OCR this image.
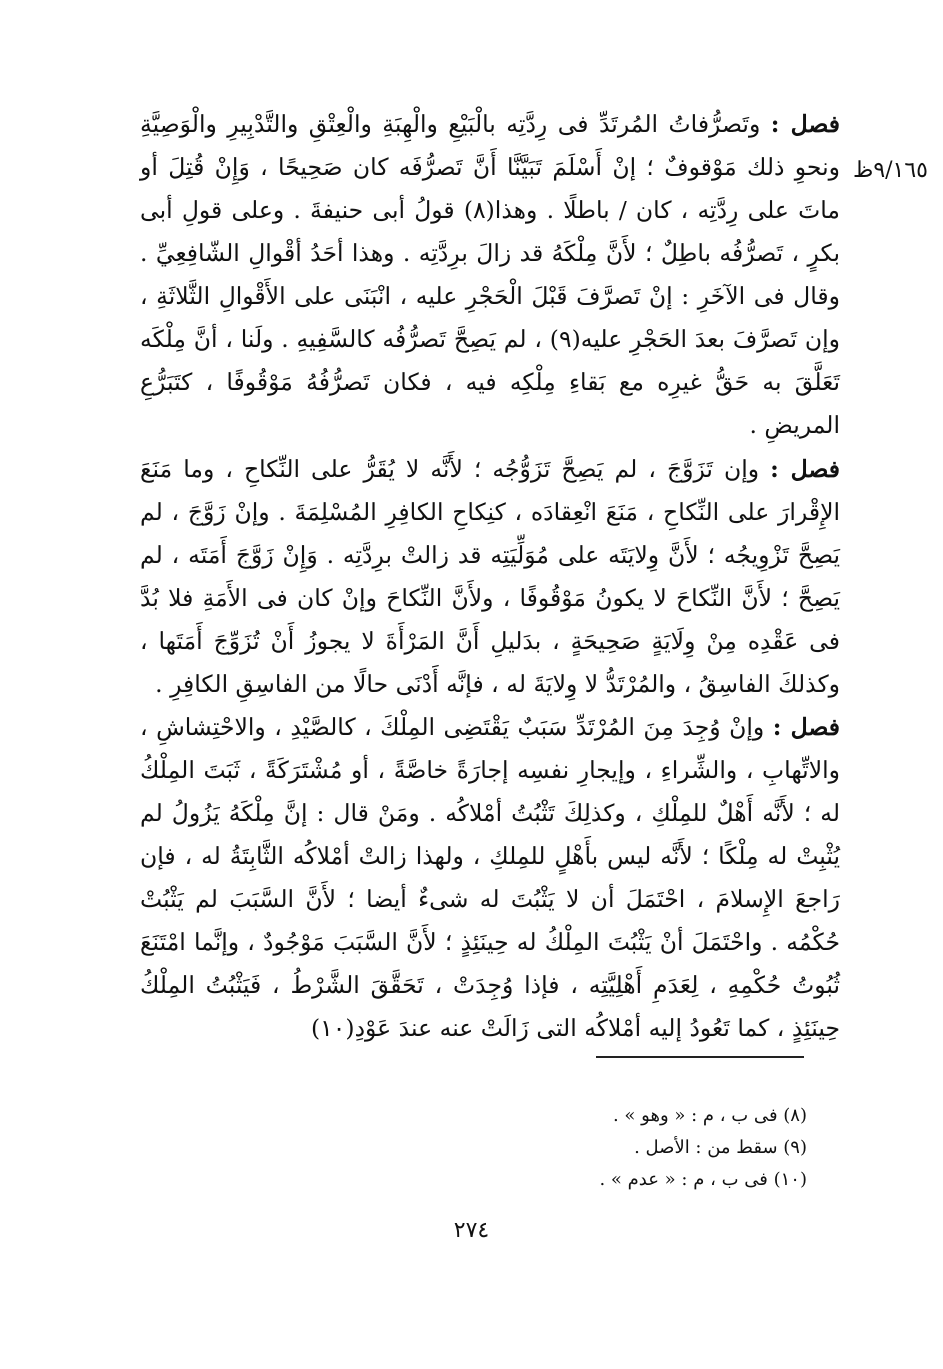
٩/١٦٥ظ

فصل : وتَصرُّفاتُ المُرتَدِّ فى رِدَّتِه بالْبَيْعِ والْهِبَةِ والْعِتْقِ والتَّدْبِيرِ والْوَصِيَّةِ ونحوِ ذلك مَوْقوفٌ ؛ إنْ أَسْلَمَ تَبَيَّنَّا أَنَّ تَصرُّفَه كان صَحِيحًا ، وَإِنْ قُتِلَ أو ماتَ على رِدَّتِه ، كان / باطلًا . وهذا(٨) قولُ أبى حنيفةَ . وعلى قولِ أبى بكرٍ ، تَصرُّفُه باطِلٌ ؛ لأَنَّ مِلْكَهُ قد زالَ برِدَّتِه . وهذا أحَدُ أقْوالِ الشّافِعِيِّ . وقال فى الآخَرِ : إنْ تَصرَّفَ قَبْلَ الْحَجْرِ عليه ، انْبَنَى على الأَقْوالِ الثَّلاثَةِ ، وإن تَصرَّفَ بعدَ الحَجْرِ عليه(٩) ، لم يَصِحَّ تَصرُّفُه كالسَّفِيهِ . ولَنا ، أنَّ مِلْكَه تَعَلَّقَ به حَقُّ غيرِه مع بَقاءِ مِلْكِه فيه ، فكان تَصرُّفُهُ مَوْقُوفًا ، كتَبَرُّعِ المريضِ .

فصل : وإن تَزَوَّجَ ، لم يَصِحَّ تَزَوُّجُه ؛ لأَنَّه لا يُقَرُّ على النِّكاحِ ، وما مَنَعَ الإِقْرارَ على النِّكاحِ ، مَنَعَ انْعِقادَه ، كنِكاحِ الكافِرِ المُسْلِمَةَ . وإنْ زَوَّجَ ، لم يَصِحَّ تَزْوِيجُه ؛ لأَنَّ وِلايَتَه على مُوَلِّيَتِه قد زالتْ برِدَّتِه . وَإِنْ زَوَّجَ أَمَتَه ، لم يَصِحَّ ؛ لأَنَّ النِّكاحَ لا يكونُ مَوْقُوفًا ، ولأَنَّ النِّكاحَ وإنْ كان فى الأَمَةِ فلا بُدَّ فى عَقْدِه مِنْ وِلَايَةٍ صَحِيحَةٍ ، بدَليلِ أَنَّ المَرْأَةَ لا يجوزُ أَنْ تُزَوِّجَ أَمَتَها ، وكذلكَ الفاسِقُ ، والمُرْتَدُّ لا وِلايَةَ له ، فإنَّه أَدْنَى حالًا من الفاسِقِ الكافِرِ .

فصل : وإنْ وُجِدَ مِنَ المُرْتَدِّ سَبَبٌ يَقْتَضِى المِلْكَ ، كالصَّيْدِ ، والاحْتِشاشِ ، والاتِّهابِ ، والشِّراءِ ، وإيجارِ نفسِه إجارَةً خاصَّةً ، أو مُشْتَرَكَةً ، ثَبَتَ المِلْكُ له ؛ لأَنَّه أَهْلٌ للمِلْكِ ، وكذلِكَ تَثْبُتُ أمْلاكُه . ومَنْ قال : إنَّ مِلْكَهُ يَزُولُ لم يُثْبِتْ له مِلْكًا ؛ لأَنَّه ليس بأَهْلٍ للمِلكِ ، ولهذا زالتْ أمْلاكُه الثَّابِتَةُ له ، فإن رَاجعَ الإِسلامَ ، احْتَمَلَ أن لا يَثْبُتَ له شىءٌ أيضا ؛ لأَنَّ السَّبَبَ لم يَثْبُتْ حُكْمُه . واحْتَمَلَ أنْ يَثْبُتَ المِلْكُ له حِينَئِذٍ ؛ لأَنَّ السَّبَبَ مَوْجُودٌ ، وإنَّما امْتَنَعَ ثُبُوتُ حُكْمِهِ ، لِعَدَمِ أَهْلِيَّتِه ، فإذا وُجِدَتْ ، تَحَقَّقَ الشَّرْطُ ، فَيَثْبُتُ المِلْكُ حِينَئِذٍ ، كما تَعُودُ إليه أمْلاكُه التى زَالَتْ عنه عندَ عَوْدِ(١٠)

(٨) فى ب ، م : « وهو » .
(٩) سقط من : الأصل .
(١٠) فى ب ، م : « عدم » .
٢٧٤
